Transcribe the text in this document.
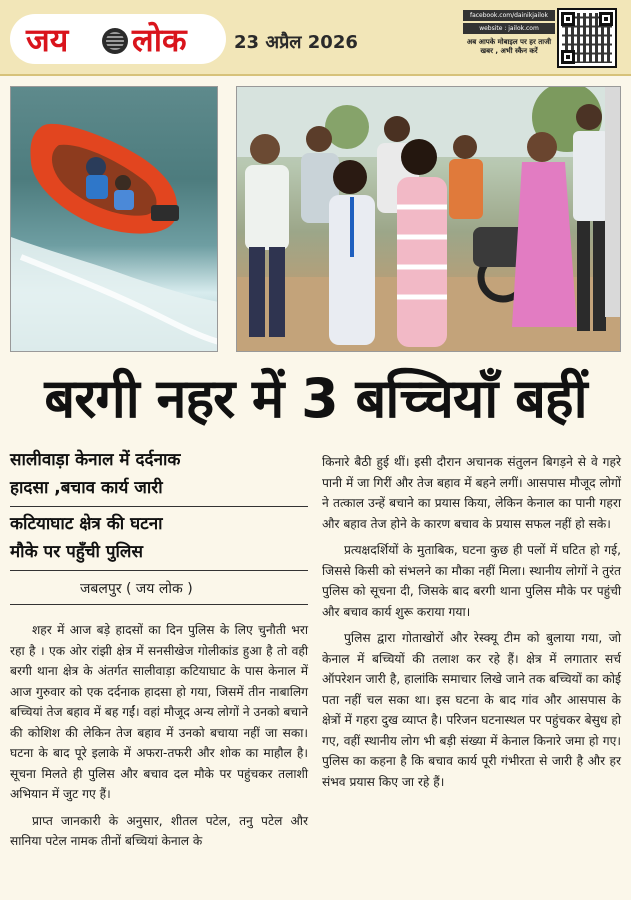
जय लोक	23 अप्रैल 2026
facebook.com/dainikjailok
website : jailok.com
अब आपके मोबाइल पर हर ताजी खबर , अभी स्कैन करें
बरगी नहर में 3 बच्चियाँ बहीं
सालीवाड़ा केनाल में दर्दनाक
हादसा ,बचाव कार्य जारी
कटियाघाट क्षेत्र की घटना
मौके पर पहुँची पुलिस
जबलपुर ( जय लोक )

शहर में आज बड़े हादसों का दिन पुलिस के लिए चुनौती भरा रहा है । एक ओर रांझी क्षेत्र में सनसीखेज गोलीकांड हुआ है तो वही बरगी थाना क्षेत्र के अंतर्गत सालीवाड़ा कटियाघाट के पास केनाल में आज गुरुवार को एक दर्दनाक हादसा हो गया, जिसमें तीन नाबालिग बच्चियां तेज बहाव में बह गईं। वहां मौजूद अन्य लोगों ने उनको बचाने की कोशिश की लेकिन तेज बहाव में उनको बचाया नहीं जा सका। घटना के बाद पूरे इलाके में अफरा-तफरी और शोक का माहौल है। सूचना मिलते ही पुलिस और बचाव दल मौके पर पहुंचकर तलाशी अभियान में जुट गए हैं।

प्राप्त जानकारी के अनुसार, शीतल पटेल, तनु पटेल और सानिया पटेल नामक तीनों बच्चियां केनाल के

किनारे बैठी हुई थीं। इसी दौरान अचानक संतुलन बिगड़ने से वे गहरे पानी में जा गिरीं और तेज बहाव में बहने लगीं। आसपास मौजूद लोगों ने तत्काल उन्हें बचाने का प्रयास किया, लेकिन केनाल का पानी गहरा और बहाव तेज होने के कारण बचाव के प्रयास सफल नहीं हो सके।

प्रत्यक्षदर्शियों के मुताबिक, घटना कुछ ही पलों में घटित हो गई, जिससे किसी को संभलने का मौका नहीं मिला। स्थानीय लोगों ने तुरंत पुलिस को सूचना दी, जिसके बाद बरगी थाना पुलिस मौके पर पहुंची और बचाव कार्य शुरू कराया गया।

पुलिस द्वारा गोताखोरों और रेस्क्यू टीम को बुलाया गया, जो केनाल में बच्चियों की तलाश कर रहे हैं। क्षेत्र में लगातार सर्च ऑपरेशन जारी है, हालांकि समाचार लिखे जाने तक बच्चियों का कोई पता नहीं चल सका था। इस घटना के बाद गांव और आसपास के क्षेत्रों में गहरा दुख व्याप्त है। परिजन घटनास्थल पर पहुंचकर बेसुध हो गए, वहीं स्थानीय लोग भी बड़ी संख्या में केनाल किनारे जमा हो गए। पुलिस का कहना है कि बचाव कार्य पूरी गंभीरता से जारी है और हर संभव प्रयास किए जा रहे हैं।
